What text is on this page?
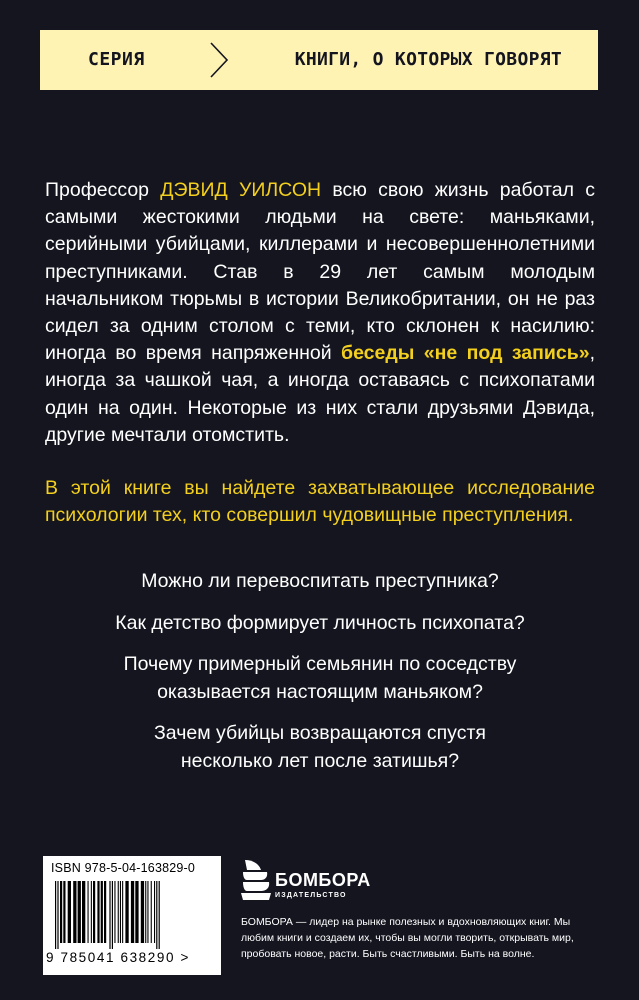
СЕРИЯ	КНИГИ, О КОТОРЫХ ГОВОРЯТ
Профессор ДЭВИД УИЛСОН всю свою жизнь работал с самыми жестокими людьми на свете: маньяками, серийными убийцами, киллерами и несовершеннолетними преступниками. Став в 29 лет самым молодым начальником тюрьмы в истории Великобритании, он не раз сидел за одним столом с теми, кто склонен к насилию: иногда во время напряженной беседы «не под запись», иногда за чашкой чая, а иногда оставаясь с психопатами один на один. Некоторые из них стали друзьями Дэвида, другие мечтали отомстить.
В этой книге вы найдете захватывающее исследование психологии тех, кто совершил чудовищные преступления.

Можно ли перевоспитать преступника?

Как детство формирует личность психопата?

Почему примерный семьянин по соседству оказывается настоящим маньяком?

Зачем убийцы возвращаются спустя несколько лет после затишья?

ISBN 978-5-04-163829-0
9 785041 638290 >
БОМБОРА
ИЗДАТЕЛЬСТВО
БОМБОРА — лидер на рынке полезных и вдохновляющих книг. Мы любим книги и создаем их, чтобы вы могли творить, открывать мир, пробовать новое, расти. Быть счастливыми. Быть на волне.
